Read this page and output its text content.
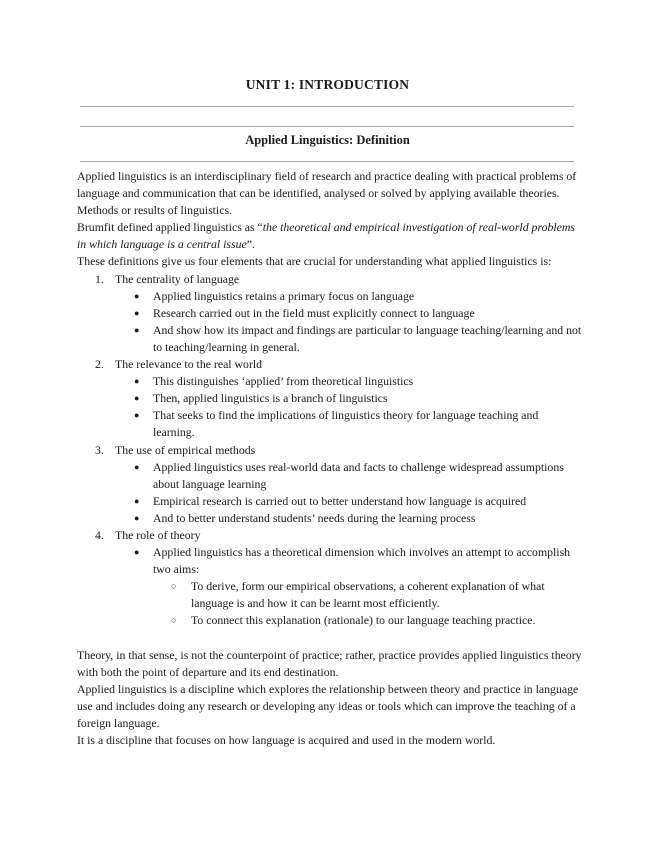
UNIT 1: INTRODUCTION
Applied Linguistics: Definition

Applied linguistics is an interdisciplinary field of research and practice dealing with practical problems of language and communication that can be identified, analysed or solved by applying available theories. Methods or results of linguistics.

Brumfit defined applied linguistics as “the theoretical and empirical investigation of real-world problems in which language is a central issue”.

These definitions give us four elements that are crucial for understanding what applied linguistics is:

1. The centrality of language
● Applied linguistics retains a primary focus on language
● Research carried out in the field must explicitly connect to language
● And show how its impact and findings are particular to language teaching/learning and not to teaching/learning in general.
2. The relevance to the real world
● This distinguishes ‘applied’ from theoretical linguistics
● Then, applied linguistics is a branch of linguistics
● That seeks to find the implications of linguistics theory for language teaching and learning.
3. The use of empirical methods
● Applied linguistics uses real-world data and facts to challenge widespread assumptions about language learning
● Empirical research is carried out to better understand how language is acquired
● And to better understand students’ needs during the learning process
4. The role of theory
● Applied linguistics has a theoretical dimension which involves an attempt to accomplish two aims:
○ To derive, form our empirical observations, a coherent explanation of what language is and how it can be learnt most efficiently.
○ To connect this explanation (rationale) to our language teaching practice.

Theory, in that sense, is not the counterpoint of practice; rather, practice provides applied linguistics theory with both the point of departure and its end destination.

Applied linguistics is a discipline which explores the relationship between theory and practice in language use and includes doing any research or developing any ideas or tools which can improve the teaching of a foreign language.

It is a discipline that focuses on how language is acquired and used in the modern world.
